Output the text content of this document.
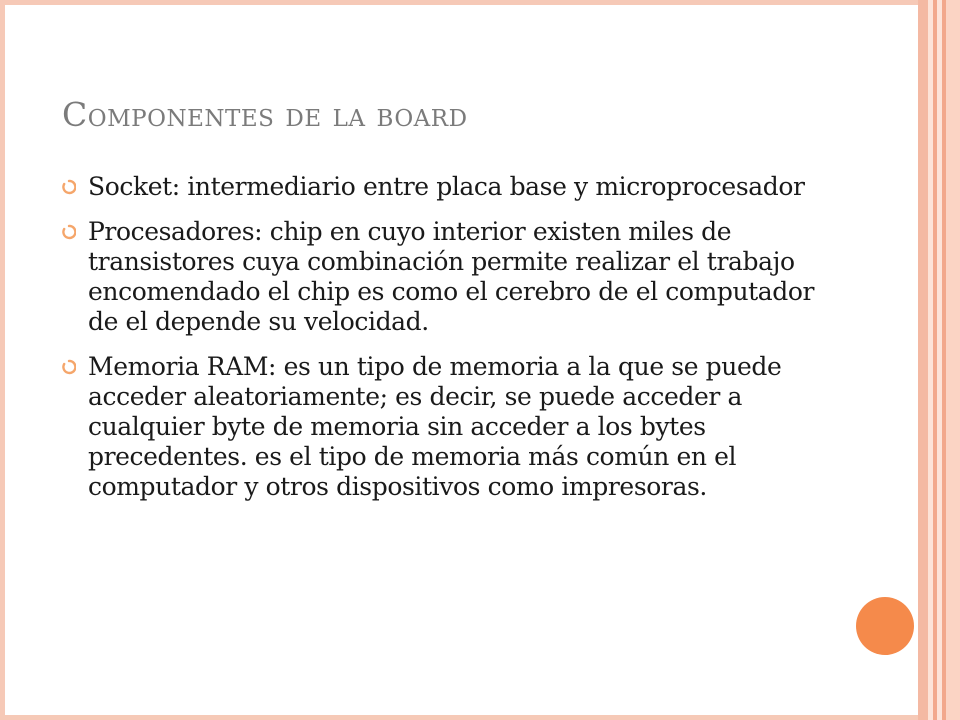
Componentes de la board
Socket: intermediario entre placa base y microprocesador
Procesadores: chip en cuyo interior existen miles de transistores cuya combinación permite realizar el trabajo encomendado el chip es como el cerebro de el computador de el depende su velocidad.
Memoria RAM: es un tipo de memoria a la que se puede acceder aleatoriamente; es decir, se puede acceder a cualquier byte de memoria sin acceder a los bytes precedentes. es el tipo de memoria más común en el computador y otros dispositivos como impresoras.
